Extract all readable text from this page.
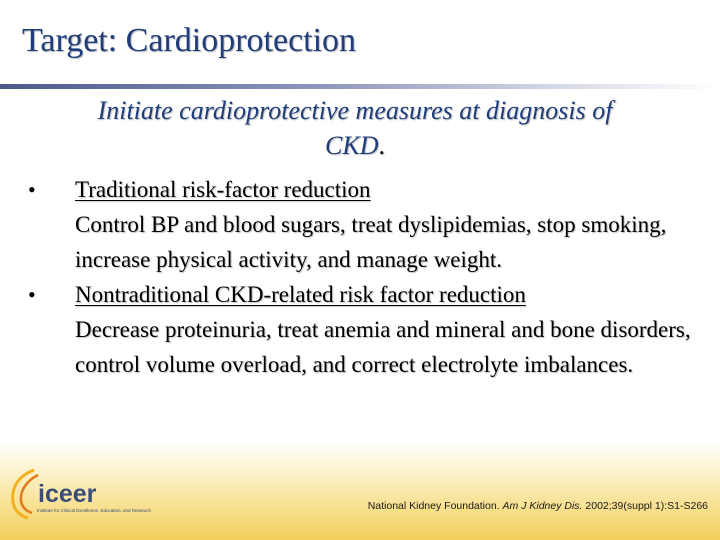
Target: Cardioprotection

Initiate cardioprotective measures at diagnosis of CKD.

• Traditional risk-factor reduction
Control BP and blood sugars, treat dyslipidemias, stop smoking, increase physical activity, and manage weight.
• Nontraditional CKD-related risk factor reduction
Decrease proteinuria, treat anemia and mineral and bone disorders, control volume overload, and correct electrolyte imbalances.
iceer
Institute for Clinical Excellence, Education, and Research	National Kidney Foundation. Am J Kidney Dis. 2002;39(suppl 1):S1-S266
